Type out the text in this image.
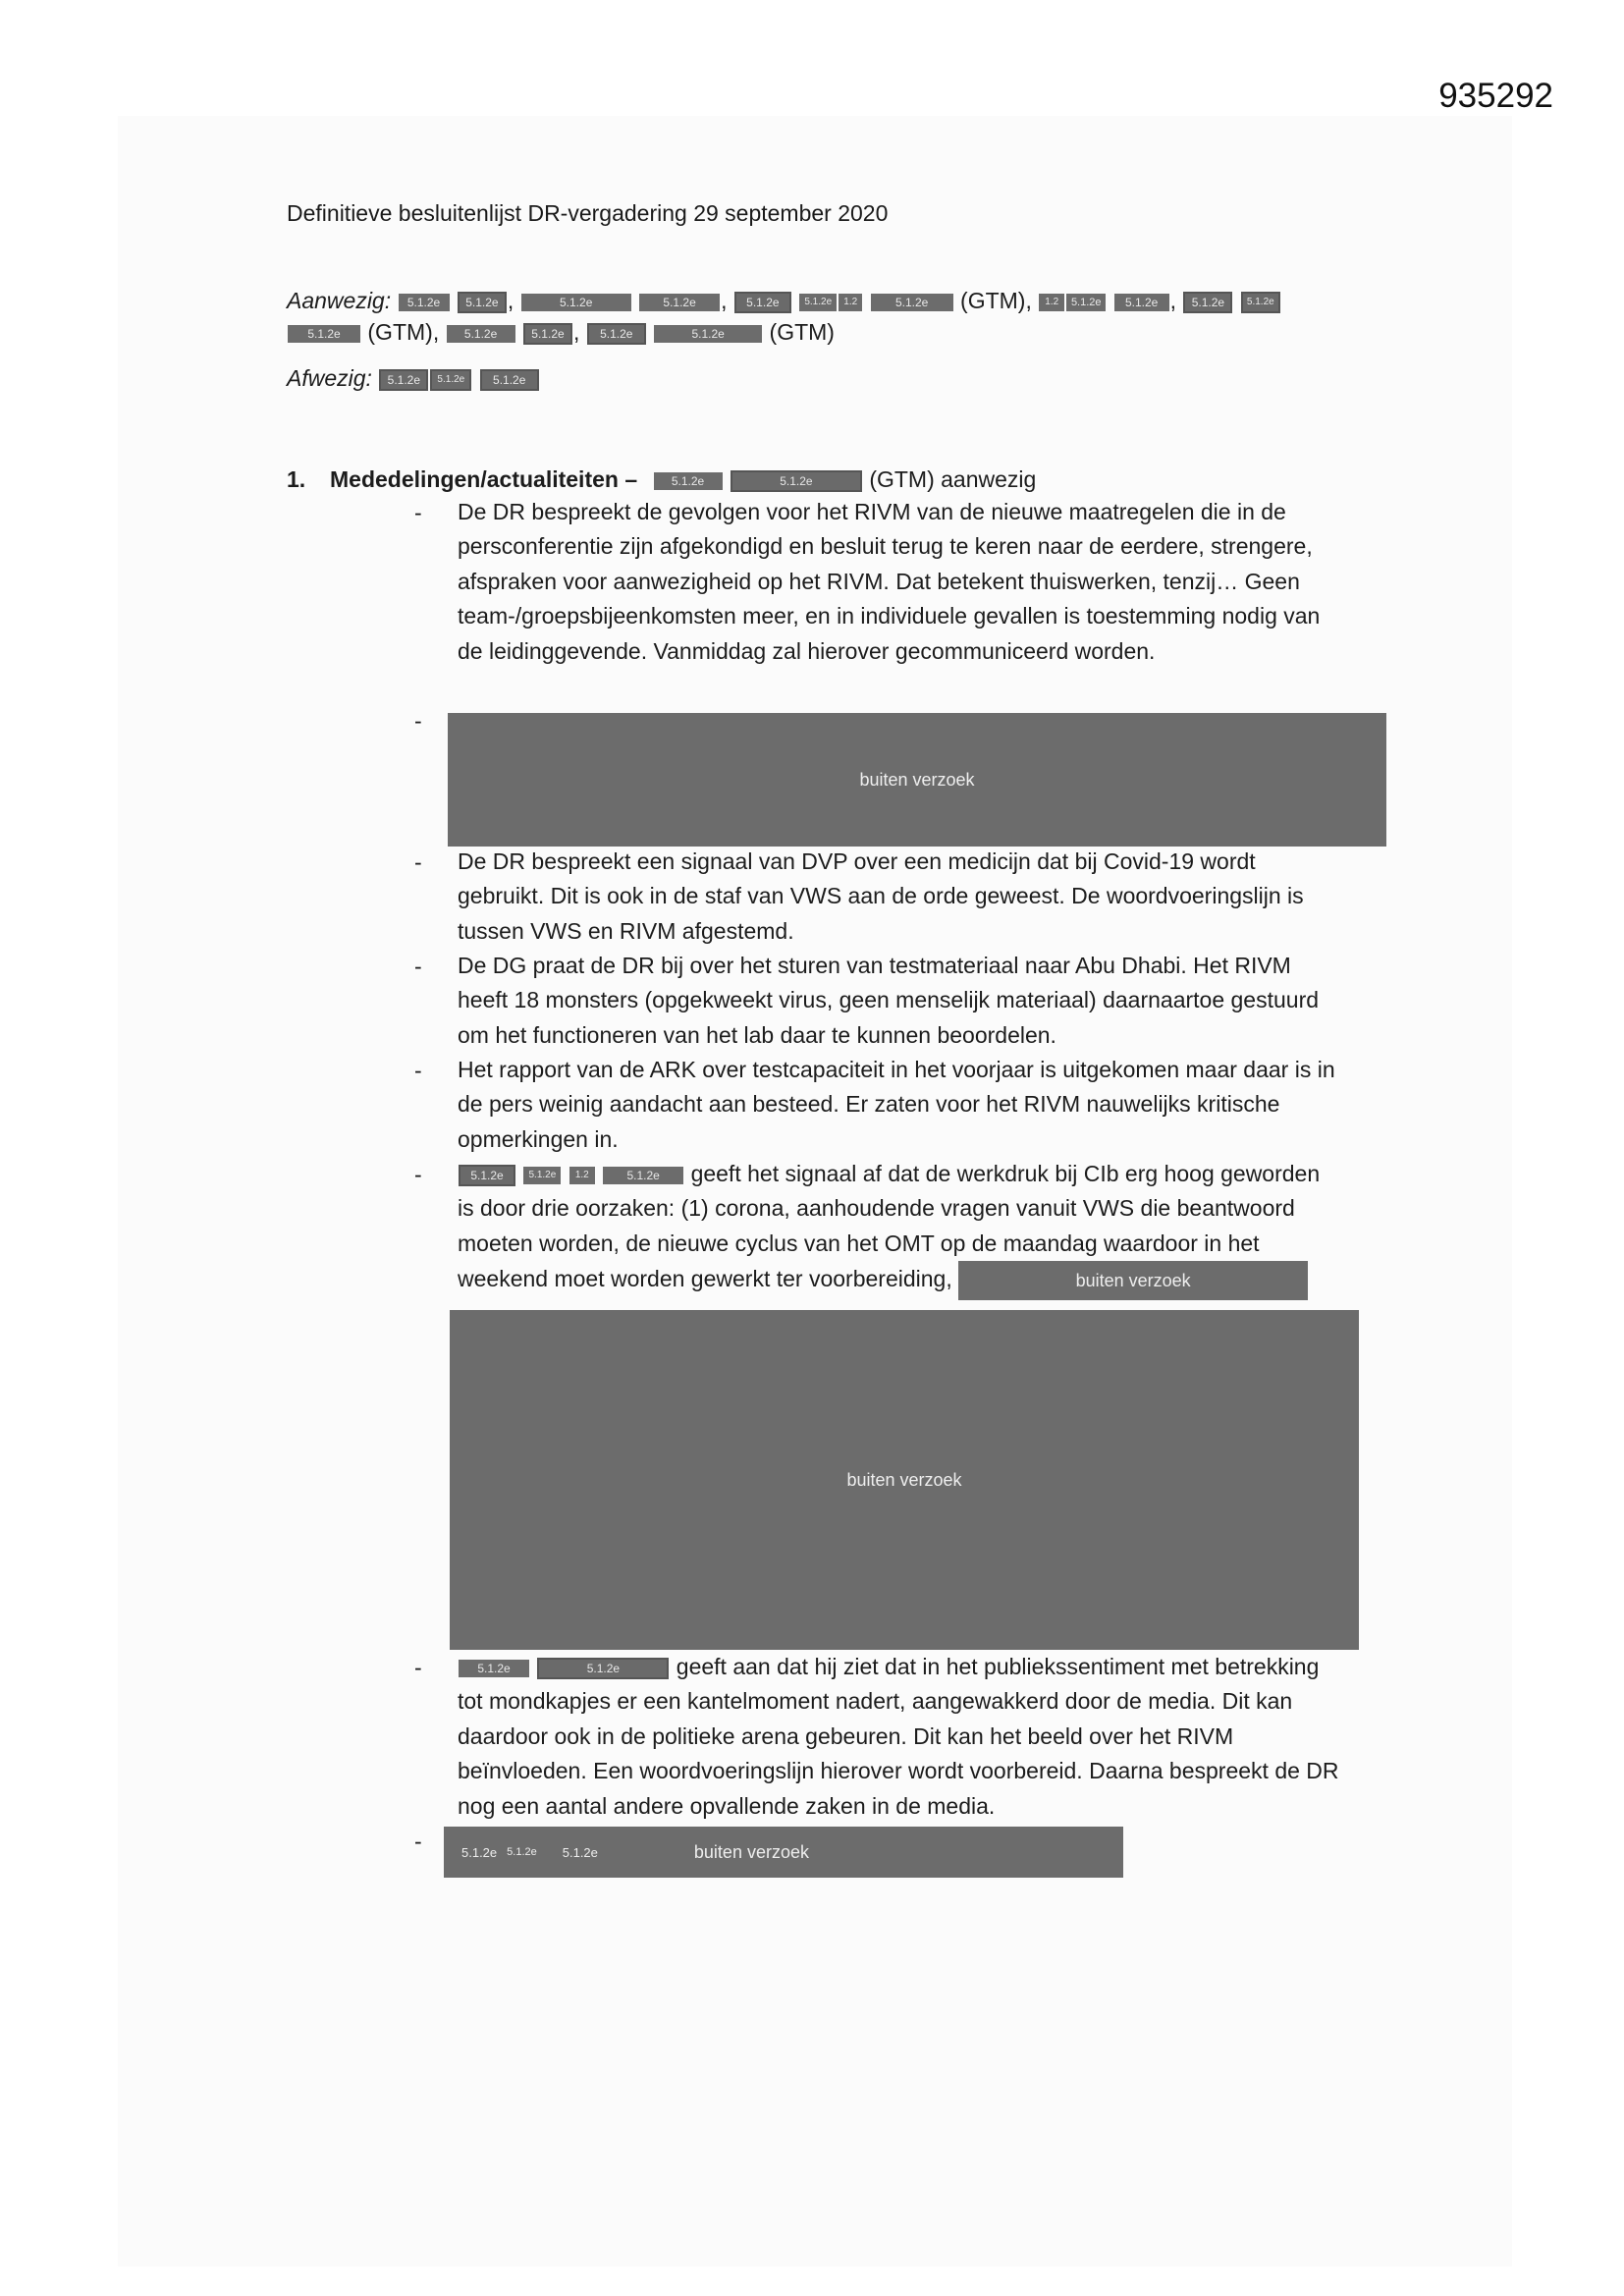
935292
Definitieve besluitenlijst DR-vergadering 29 september 2020
Aanwezig: 5.1.2e 5.1.2e ,	5.1.2e	5.1.2e , 5.1.2e	5.1.2e 1.2	5.1.2e (GTM), 1.2 5.1.2e 5.1.2e , 5.1.2e 5.1.2e
5.1.2e (GTM), 5.1.2e	5.1.2e , 5.1.2e	5.1.2e (GTM)
Afwezig: 5.1.2e 5.1.2e 5.1.2e
1. Mededelingen/actualiteiten –	5.1.2e	5.1.2e	(GTM) aanwezig
- De DR bespreekt de gevolgen voor het RIVM van de nieuwe maatregelen die in de persconferentie zijn afgekondigd en besluit terug te keren naar de eerdere, strengere, afspraken voor aanwezigheid op het RIVM. Dat betekent thuiswerken, tenzij… Geen team-/groepsbijeenkomsten meer, en in individuele gevallen is toestemming nodig van de leidinggevende. Vanmiddag zal hierover gecommuniceerd worden.
-
buiten verzoek
- De DR bespreekt een signaal van DVP over een medicijn dat bij Covid-19 wordt gebruikt. Dit is ook in de staf van VWS aan de orde geweest. De woordvoeringslijn is tussen VWS en RIVM afgestemd.
- De DG praat de DR bij over het sturen van testmateriaal naar Abu Dhabi. Het RIVM heeft 18 monsters (opgekweekt virus, geen menselijk materiaal) daarnaartoe gestuurd om het functioneren van het lab daar te kunnen beoordelen.
- Het rapport van de ARK over testcapaciteit in het voorjaar is uitgekomen maar daar is in de pers weinig aandacht aan besteed. Er zaten voor het RIVM nauwelijks kritische opmerkingen in.
-	5.1.2e	5.1.2e 1.2	5.1.2e geeft het signaal af dat de werkdruk bij CIb erg hoog geworden is door drie oorzaken: (1) corona, aanhoudende vragen vanuit VWS die beantwoord moeten worden, de nieuwe cyclus van het OMT op de maandag waardoor in het weekend moet worden gewerkt ter voorbereiding,	buiten verzoek
buiten verzoek
-	5.1.2e	5.1.2e	geeft aan dat hij ziet dat in het publiekssentiment met betrekking tot mondkapjes er een kantelmoment nadert, aangewakkerd door de media. Dit kan daardoor ook in de politieke arena gebeuren. Dit kan het beeld over het RIVM beïnvloeden. Een woordvoeringslijn hierover wordt voorbereid. Daarna bespreekt de DR nog een aantal andere opvallende zaken in de media.
-	5.1.2e 5.1.2e 5.1.2e	buiten verzoek
